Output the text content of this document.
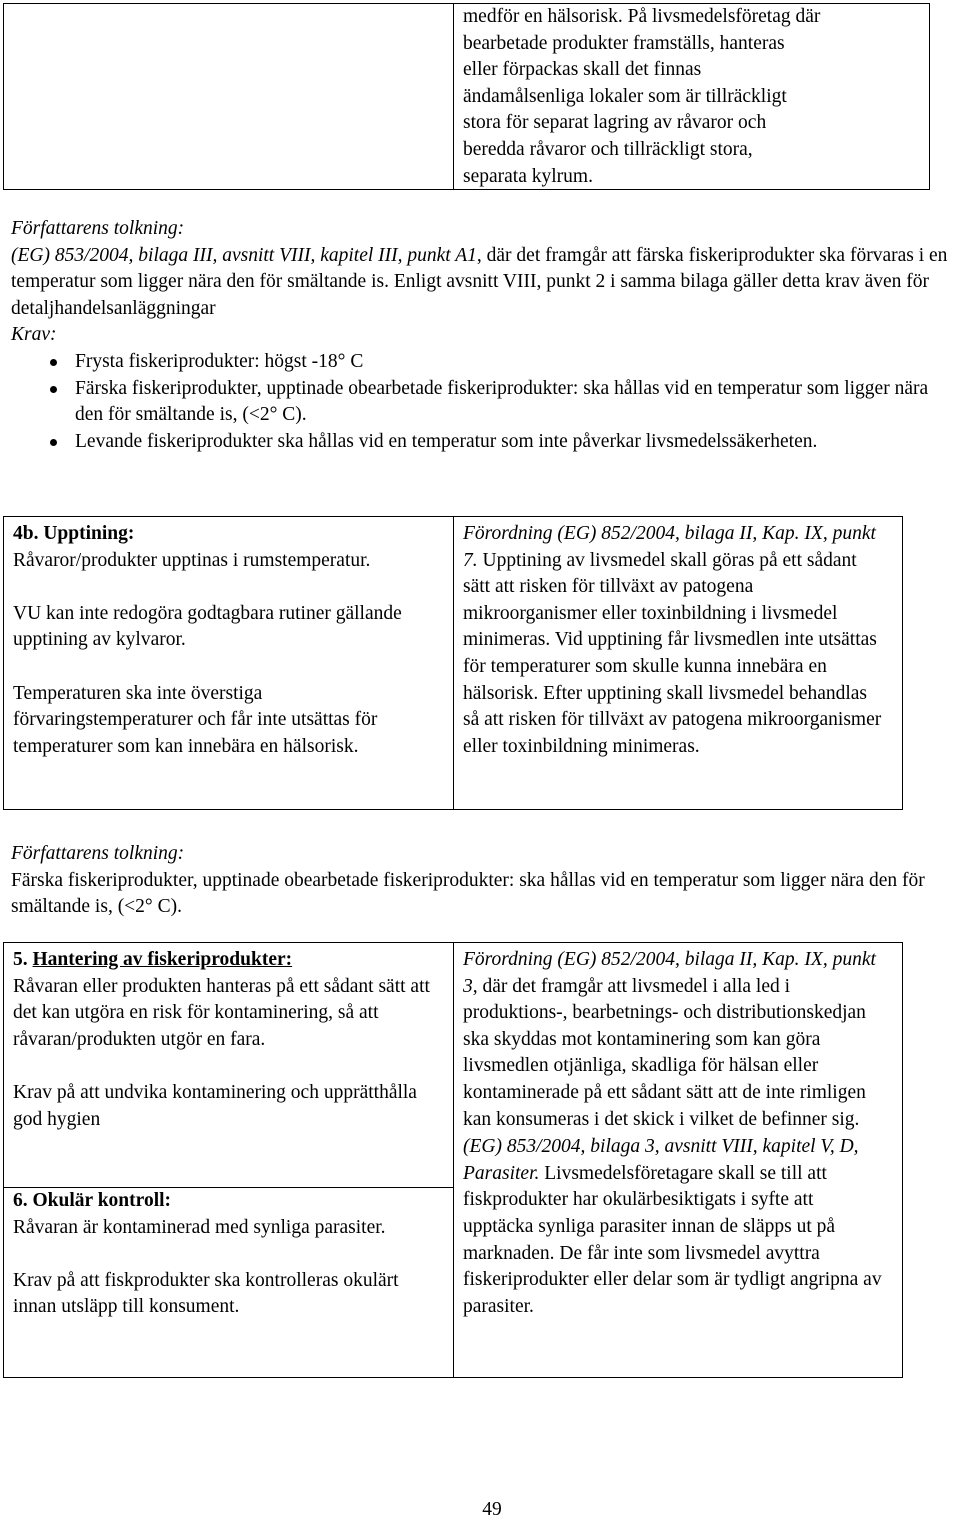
medför en hälsorisk. På livsmedelsföretag där
bearbetade produkter framställs, hanteras
eller förpackas skall det finnas
ändamålsenliga lokaler som är tillräckligt
stora för separat lagring av råvaror och
beredda råvaror och tillräckligt stora,
separata kylrum.

Författarens tolkning:

(EG) 853/2004, bilaga III, avsnitt VIII, kapitel III, punkt A1, där det framgår att färska fiskeriprodukter ska förvaras i en temperatur som ligger nära den för smältande is. Enligt avsnitt VIII, punkt 2 i samma bilaga gäller detta krav även för detaljhandelsanläggningar

Krav:

Frysta fiskeriprodukter: högst -18° C
Färska fiskeriprodukter, upptinade obearbetade fiskeriprodukter: ska hållas vid en temperatur som ligger nära den för smältande is, (<2° C).
Levande fiskeriprodukter ska hållas vid en temperatur som inte påverkar livsmedelssäkerheten.

4b. Upptining:

Råvaror/produkter upptinas i rumstemperatur.

VU kan inte redogöra godtagbara rutiner gällande upptining av kylvaror.

Temperaturen ska inte överstiga förvaringstemperaturer och får inte utsättas för temperaturer som kan innebära en hälsorisk.

Förordning (EG) 852/2004, bilaga II, Kap. IX, punkt 7. Upptining av livsmedel skall göras på ett sådant sätt att risken för tillväxt av patogena mikroorganismer eller toxinbildning i livsmedel minimeras. Vid upptining får livsmedlen inte utsättas för temperaturer som skulle kunna innebära en hälsorisk. Efter upptining skall livsmedel behandlas så att risken för tillväxt av patogena mikroorganismer eller toxinbildning minimeras.

Författarens tolkning:

Färska fiskeriprodukter, upptinade obearbetade fiskeriprodukter: ska hållas vid en temperatur som ligger nära den för smältande is, (<2° C).

5. Hantering av fiskeriprodukter:

Råvaran eller produkten hanteras på ett sådant sätt att det kan utgöra en risk för kontaminering, så att råvaran/produkten utgör en fara.

Krav på att undvika kontaminering och upprätthålla god hygien

6. Okulär kontroll:

Råvaran är kontaminerad med synliga parasiter.

Krav på att fiskprodukter ska kontrolleras okulärt innan utsläpp till konsument.

Förordning (EG) 852/2004, bilaga II, Kap. IX, punkt 3, där det framgår att livsmedel i alla led i produktions-, bearbetnings- och distributionskedjan ska skyddas mot kontaminering som kan göra livsmedlen otjänliga, skadliga för hälsan eller kontaminerade på ett sådant sätt att de inte rimligen kan konsumeras i det skick i vilket de befinner sig.

(EG) 853/2004, bilaga 3, avsnitt VIII, kapitel V, D, Parasiter. Livsmedelsföretagare skall se till att fiskprodukter har okulärbesiktigats i syfte att upptäcka synliga parasiter innan de släpps ut på marknaden. De får inte som livsmedel avyttra fiskeriprodukter eller delar som är tydligt angripna av parasiter.

49
